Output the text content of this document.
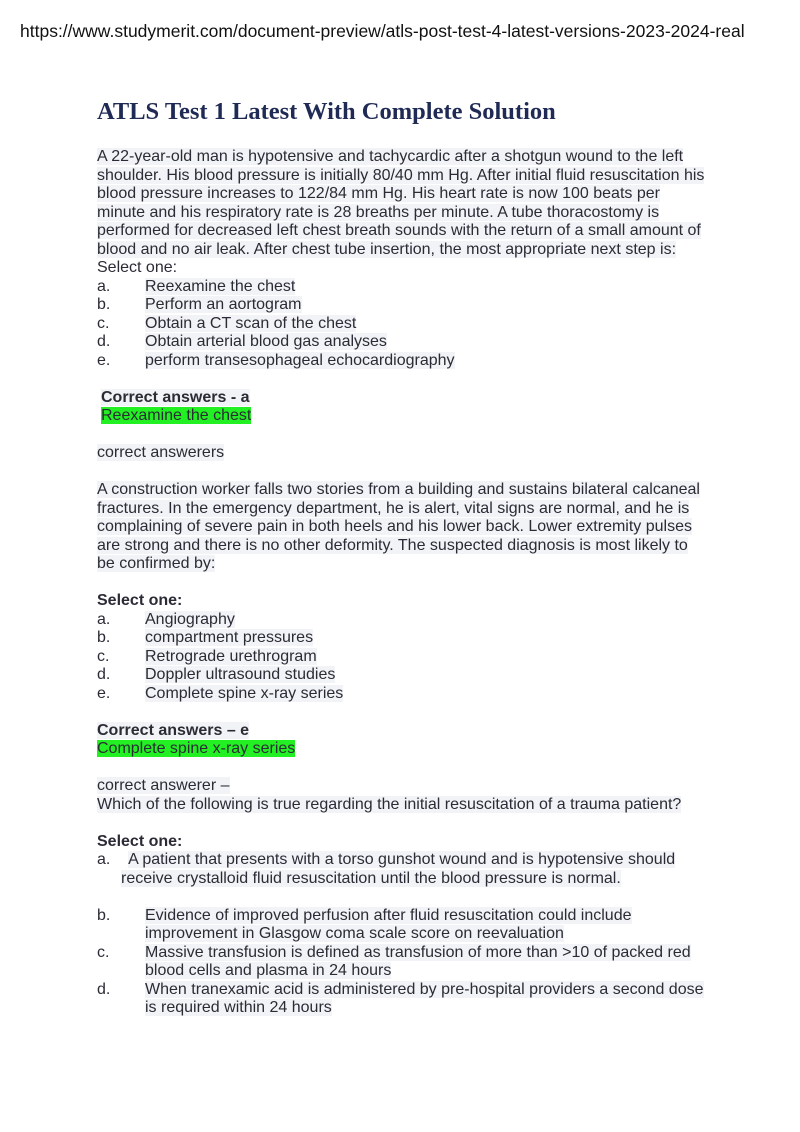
https://www.studymerit.com/document-preview/atls-post-test-4-latest-versions-2023-2024-real
ATLS Test 1 Latest With Complete Solution

A 22-year-old man is hypotensive and tachycardic after a shotgun wound to the left shoulder. His blood pressure is initially 80/40 mm Hg. After initial fluid resuscitation his blood pressure increases to 122/84 mm Hg. His heart rate is now 100 beats per minute and his respiratory rate is 28 breaths per minute. A tube thoracostomy is performed for decreased left chest breath sounds with the return of a small amount of blood and no air leak. After chest tube insertion, the most appropriate next step is:

Select one:
a.	Reexamine the chest
b.	Perform an aortogram
c.	Obtain a CT scan of the chest
d.	Obtain arterial blood gas analyses
e.	perform transesophageal echocardiography
Correct answers - a
Reexamine the chest
correct answerers

A construction worker falls two stories from a building and sustains bilateral calcaneal fractures. In the emergency department, he is alert, vital signs are normal, and he is complaining of severe pain in both heels and his lower back. Lower extremity pulses are strong and there is no other deformity. The suspected diagnosis is most likely to be confirmed by:

Select one:
a.	Angiography
b.	compartment pressures
c.	Retrograde urethrogram
d.	Doppler ultrasound studies
e.	Complete spine x-ray series
Correct answers – e
Complete spine x-ray series
correct answerer –

Which of the following is true regarding the initial resuscitation of a trauma patient?

Select one:
a. A patient that presents with a torso gunshot wound and is hypotensive should receive crystalloid fluid resuscitation until the blood pressure is normal.
b.	Evidence of improved perfusion after fluid resuscitation could include improvement in Glasgow coma scale score on reevaluation
c.	Massive transfusion is defined as transfusion of more than >10 of packed red blood cells and plasma in 24 hours
d.	When tranexamic acid is administered by pre-hospital providers a second dose is required within 24 hours
